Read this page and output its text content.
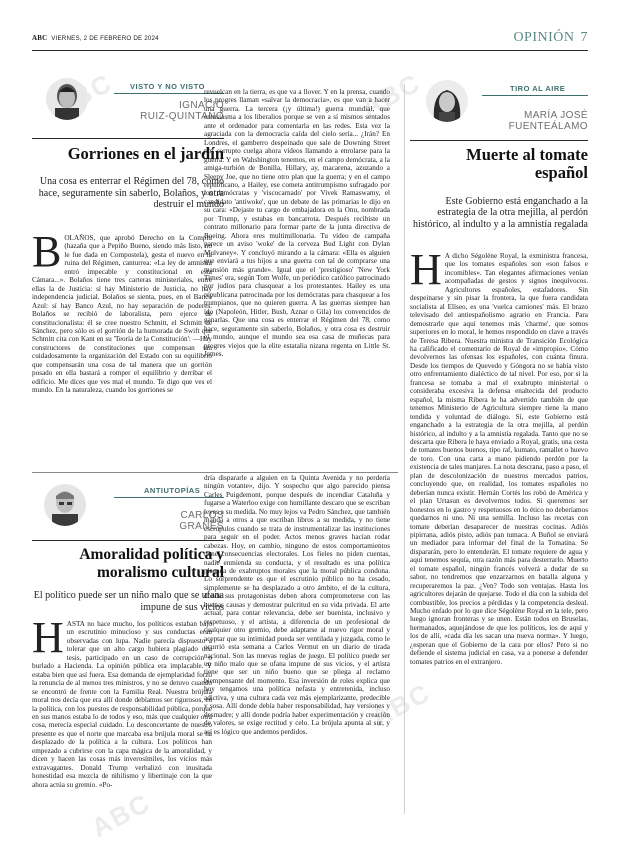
ABC
ABC
ABC
ABC VIERNES, 2 DE FEBRERO DE 2024	OPINIÓN 7
VISTO Y NO VISTO
IGNACIO
RUIZ-QUINTANO
Gorriones en el jardín
Una cosa es enterrar el Régimen del 78, como hace, seguramente sin saberlo, Bolaños, y otra destruir el mundo
BOLAÑOS, que aprobó Derecho en la Complu (hazaña que a Pepiño Bueno, siendo más listo, no le fue dada en Compostela), gesta el nuevo en la ruina del Régimen, canturrea: «La ley de amnistía entró impecable y constitucional en esta Cámara...». Bolaños tiene tres carteras ministeriales, entre ellas la de Justicia: sí hay Ministerio de Justicia, no hay independencia judicial. Bolaños se sienta, pues, en el Banco Azul: sí hay Banco Azul, no hay separación de poderes. Bolaños se recibió de laboralista, pero ejerce de constitucionalista: él se cree nuestro Schmitt, el Schmitt de Sánchez, pero sólo es el gorrión de la humorada de Swift que Schmitt cita con Kant en su 'Teoría de la Constitución': —Hay constructores de constituciones que compensan tan cuidadosamente la organización del Estado con su equilibrio que compensarán una cosa de tal manera que un gorrión posado en ella bastará a romper el equilibrio y derribar el edificio. Me dices que ves mal el mundo. Te digo que ves el mundo. En la naturaleza, cuando los gorriones se
revuelcan en la tierra, es que va a llover. Y en la prensa, cuando los progres llaman «salvar la democracia», es que van a hacer una guerra. La tercera (¡y última!) guerra mundial, que entusiasma a los liberalios porque se ven a sí mismos sentados ante el ordenador para comentarla en las redes. Esta vez la agraciada con la democracia caída del cielo sería... ¿Irán? En Londres, el gamberro despeinado que sale de Downing Street por corrupto cuelga ahora vídeos llamando a enrolarse para la guerra. Y en Wahshington tenemos, en el campo demócrata, a la amiga-turbión de Bonilla, Hillary, ay, macarena, azuzando a Sleepy Joe, que no tiene otro plan que la guerra; y en el campo republicano, a Hailey, ese cometa antitrumpismo sufragado por los demócratas y 'viscocarnado' por Vivek Ramaswamy, el candidato 'antiwoke', que un debate de las primarias le dijo en su cara: «Dejaste tu cargo de embajadora en la Onu, nombrada por Trump, y estabas en bancarrota. Después recibiste un contrato millonario para formar parte de la junta directiva de Boeing. Ahora eres multimillonaria. Tu vídeo de campaña parece un aviso 'woke' de la cerveza Bud Light con Dylan Mulvaney». Y concluyó mirando a la cámara: «Ella es alguien que enviará a tus hijos a una guerra con tal de comprarse una mansión más grande». Igual que el 'prestigioso' 'New York Times' era, según Tom Wolfe, un periódico católico patrocinado por judíos para chasquear a los protestantes. Hailey es una republicana patrocinada por los demócratas para chasquear a los trumpianos, que no quieren guerra. A las guerras siempre han ido (Napoleón, Hitler, Bush, Aznar o Gila) los convencidos de ganarlas. Que una cosa es enterrar el Régimen del 78, como hace, seguramente sin saberlo, Bolaños, y otra cosa es destruir el mundo, aunque el mundo sea esa casa de muñecas para progres viejos que la elite estatalia nizana regenta en Little St. James.
TIRO AL AIRE
MARÍA JOSÉ
FUENTEÁLAMO
Muerte al tomate español
Este Gobierno está enganchado a la estrategia de la otra mejilla, al perdón histórico, al indulto y a la amnistía regalada
H A dicho Ségolène Royal, la exministra francesa, que los tomates españoles son «son falsos e incomibles». Tan elegantes afirmaciones venían acompañadas de gestos y signos inequívocos. Agricultores españoles, estafadores. Sin despeinarse y sin pisar la frontera, la que fuera candidata socialista al Elíseo, es una 'vuelca camiones' más. El brazo televisado del antiespañolismo agrario en Francia. Para demostrarle que aquí tenemos más 'charme', que somos superiores en lo moral, le hemos respondido en clave a través de Teresa Ribera. Nuestra ministra de Transición Ecológica ha calificado el comentario de Royal de «impropio». Cómo devolvernos las ofensas los españoles, con cuánta finura. Desde los tiempos de Quevedo y Góngora no se había visto otro enfrentamiento dialéctico de tal nivel. Por eso, por si la francesa se tomaba a mal el exabrupto ministerial o consideraba excesiva la defensa enaltecida del producto español, la misma Ribera le ha advertido también de que tenemos Ministerio de Agricultura siempre tiene la mano tendida y voluntad de diálogo. Sí, este Gobierno está enganchado a la estrategia de la otra mejilla, al perdón histórico, al indulto y a la amnistía regalada. Tanto que no se descarta que Ribera le haya enviado a Royal, gratis, una cesta de tomates buenos buenos, tipo raf, kumato, ramallet o huevo de toro. Con una carta a mano pidiendo perdón por la existencia de tales manjares. La nota descrana, paso a paso, el plan de descolonización de nuestros mercados patrios, concluyendo que, en realidad, los tomates españoles no deberían nunca existir. Hernán Cortés los robó de América y el plan Urtasun es devolvernos todos. Si queremos ser honestos en lo gastro y respetuosos en lo ético no deberíamos quedarnos ni uno. Ni una semilla. Incluso las recetas con tomate deberían desaparecer de nuestras cocinas. Adiós pipirrana, adiós pisto, adiós pan tumaca. A Buñol se enviará un mediador para informar del final de la Tomatina. Se dispararán, pero lo entenderán. El tomate requiere de agua y aquí tenemos sequía, otra razón más para desterrarlo. Muerto el tomate español, ningún francés volverá a dudar de su sabor, no tendremos que enzarzarnos en batalla alguna y recuperaremos la paz. ¿Ven? Todo son ventajas. Hasta los agricultores dejarán de quejarse. Todo el día con la subida del combustible, los precios a pérdidas y la competencia desleal. Mucho enfado por lo que dice Ségolène Royal en la tele, pero luego ignoran fronteras y se unen. Están todos en Bruselas, hermanados, aquejándose de que los políticos, los de aquí y los de allí, «cada día les sacan una nueva norma». Y luego, ¿esperan que el Gobierno de la cara por ellos? Pero si no defiende el sistema judicial en casa, va a ponerse a defender tomates patrios en el extranjero.
ANTIUTOPÍAS
CARLOS
GRANÉS
Amoralidad política y moralismo cultural
El político puede ser un niño malo que se ufana impune de sus vicios
HASTA no hace mucho, los políticos estaban bajo un escrutinio minucioso y sus conductas eran observadas con lupa. Nadie parecía dispuesto a tolerar que un alto cargo hubiera plagiado una tesis, participado en un caso de corrupción o burlado a Hacienda. La opinión pública era implacable. Y estaba bien que así fuera. Esa demanda de ejemplaridad forzó la renuncia de al menos tres ministros, y no se detuvo cuando se encontró de frente con la Familia Real. Nuestra brújula moral nos decía que era allí donde debíamos ser rigurosos, en la política, con los puestos de responsabilidad pública, porque en sus manos estaba lo de todos y eso, más que cualquier otra cosa, merecía especial cuidado. Lo desconcertante de nuestro presente es que el norte que marcaba esa brújula moral se ha desplazado de la política a la cultura. Los políticos han empezado a cubrirse con la capa mágica de la amoralidad, y dicen y hacen las cosas más inverosímiles, los vicios más extravagantes. Donald Trump verbalizó con inusitada honestidad esa mezcla de nihilismo y libertinaje con la que ahora actúa su gremio. «Po-
dría dispararle a alguien en la Quinta Avenida y no perdería ningún votante», dijo. Y sospecho que algo parecido piensa Carles Puigdemont, porque después de incendiar Cataluña y fugarse a Waterloo exige con humillante descaro que se escriban leyes a su medida. No muy lejos va Pedro Sánchez, que también manda a otros a que escriban libros a su medida, y no tiene escrúpulos cuando se trata de instrumentalizar las instituciones para seguir en el poder. Actos menos graves hacían rodar cabezas. Hoy, en cambio, ninguno de estos comportamientos tiene consecuencias electorales. Los fieles no piden cuentas, nadie enmienda su conducta, y el resultado es una política plagada de exabruptos morales que la moral pública condona. Lo sorprendente es que el escrutinio público no ha cesado, simplemente se ha desplazado a otro ámbito, el de la cultura, donde sus protagonistas deben ahora comprometerse con las buenas causas y demostrar pulcritud en su vida privada. El arte actual, para contar relevancia, debe ser buenista, inclusivo y respetuoso, y el artista, a diferencia de un profesional de cualquier otro gremio, debe adaptarse al nuevo rigor moral y aceptar que su intimidad pueda ser ventilada y juzgada, como le ocurrió esta semana a Carlos Vermut en un diario de tirada nacional. Son las nuevas reglas de juego. El político puede ser un niño malo que se ufana impune de sus vicios, y el artista tiene que ser un niño bueno que se pliega al reclamo biempensante del momento. Esa inversión de roles explica que hoy tengamos una política nefasta y entretenida, incluso adictiva, y una cultura cada vez más ejemplarizante, predecible y sosa. Allí donde debía haber responsabilidad, hay versiones y desmadre; y allí donde podría haber experimentación y creación de valores, se exige rectitud y celo. La brújula apunta al sur, y así es lógico que andemos perdidos.
